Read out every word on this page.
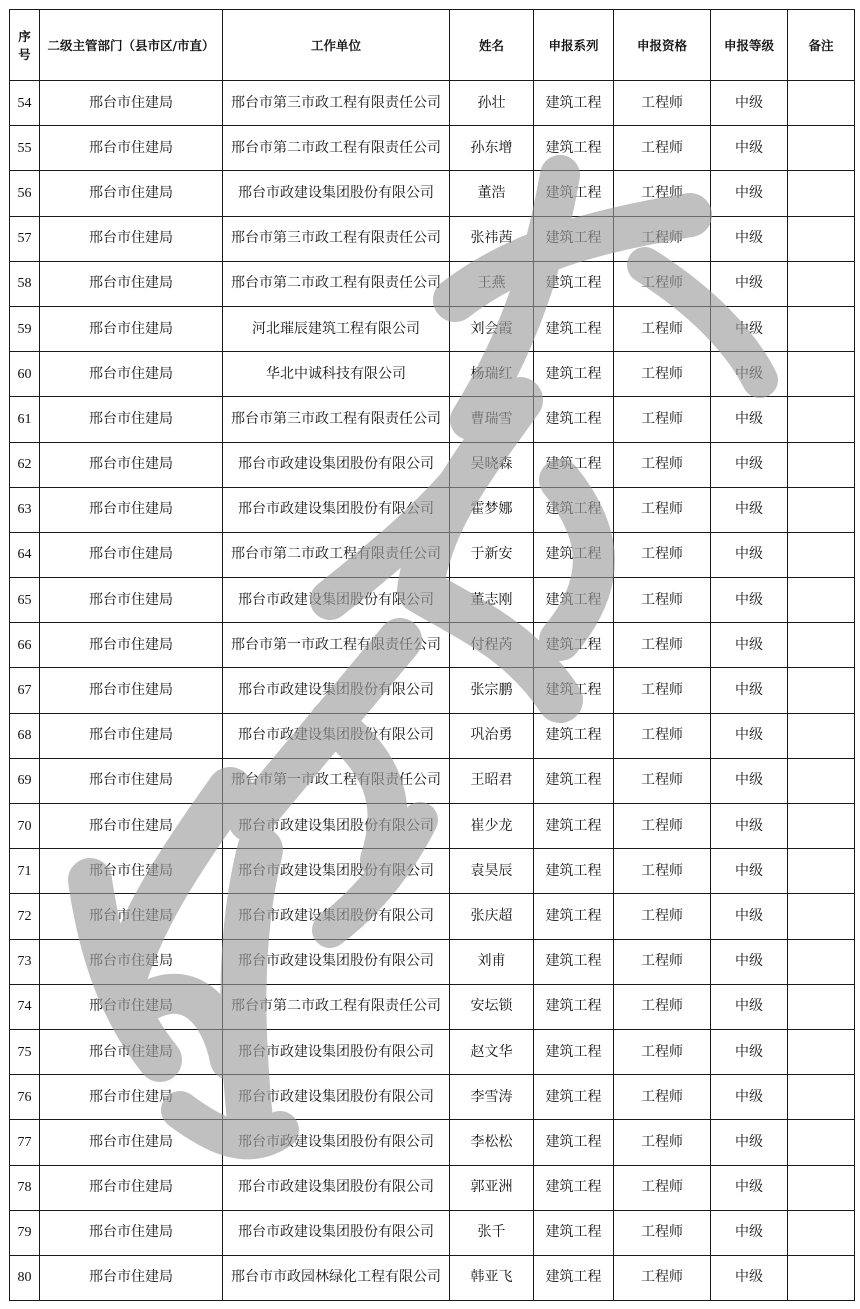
序号	二级主管部门（县市区/市直）	工作单位	姓名	申报系列	申报资格	申报等级	备注
54	邢台市住建局	邢台市第三市政工程有限责任公司	孙壮	建筑工程	工程师	中级	
55	邢台市住建局	邢台市第二市政工程有限责任公司	孙东增	建筑工程	工程师	中级	
56	邢台市住建局	邢台市政建设集团股份有限公司	董浩	建筑工程	工程师	中级	
57	邢台市住建局	邢台市第三市政工程有限责任公司	张祎茜	建筑工程	工程师	中级	
58	邢台市住建局	邢台市第二市政工程有限责任公司	王燕	建筑工程	工程师	中级	
59	邢台市住建局	河北璀辰建筑工程有限公司	刘会霞	建筑工程	工程师	中级	
60	邢台市住建局	华北中诚科技有限公司	杨瑞红	建筑工程	工程师	中级	
61	邢台市住建局	邢台市第三市政工程有限责任公司	曹瑞雪	建筑工程	工程师	中级	
62	邢台市住建局	邢台市政建设集团股份有限公司	吴晓森	建筑工程	工程师	中级	
63	邢台市住建局	邢台市政建设集团股份有限公司	霍梦娜	建筑工程	工程师	中级	
64	邢台市住建局	邢台市第二市政工程有限责任公司	于新安	建筑工程	工程师	中级	
65	邢台市住建局	邢台市政建设集团股份有限公司	董志刚	建筑工程	工程师	中级	
66	邢台市住建局	邢台市第一市政工程有限责任公司	付程芮	建筑工程	工程师	中级	
67	邢台市住建局	邢台市政建设集团股份有限公司	张宗鹏	建筑工程	工程师	中级	
68	邢台市住建局	邢台市政建设集团股份有限公司	巩治勇	建筑工程	工程师	中级	
69	邢台市住建局	邢台市第一市政工程有限责任公司	王昭君	建筑工程	工程师	中级	
70	邢台市住建局	邢台市政建设集团股份有限公司	崔少龙	建筑工程	工程师	中级	
71	邢台市住建局	邢台市政建设集团股份有限公司	袁昊辰	建筑工程	工程师	中级	
72	邢台市住建局	邢台市政建设集团股份有限公司	张庆超	建筑工程	工程师	中级	
73	邢台市住建局	邢台市政建设集团股份有限公司	刘甫	建筑工程	工程师	中级	
74	邢台市住建局	邢台市第二市政工程有限责任公司	安坛锁	建筑工程	工程师	中级	
75	邢台市住建局	邢台市政建设集团股份有限公司	赵文华	建筑工程	工程师	中级	
76	邢台市住建局	邢台市政建设集团股份有限公司	李雪涛	建筑工程	工程师	中级	
77	邢台市住建局	邢台市政建设集团股份有限公司	李松松	建筑工程	工程师	中级	
78	邢台市住建局	邢台市政建设集团股份有限公司	郭亚洲	建筑工程	工程师	中级	
79	邢台市住建局	邢台市政建设集团股份有限公司	张千	建筑工程	工程师	中级	
80	邢台市住建局	邢台市市政园林绿化工程有限公司	韩亚飞	建筑工程	工程师	中级	
